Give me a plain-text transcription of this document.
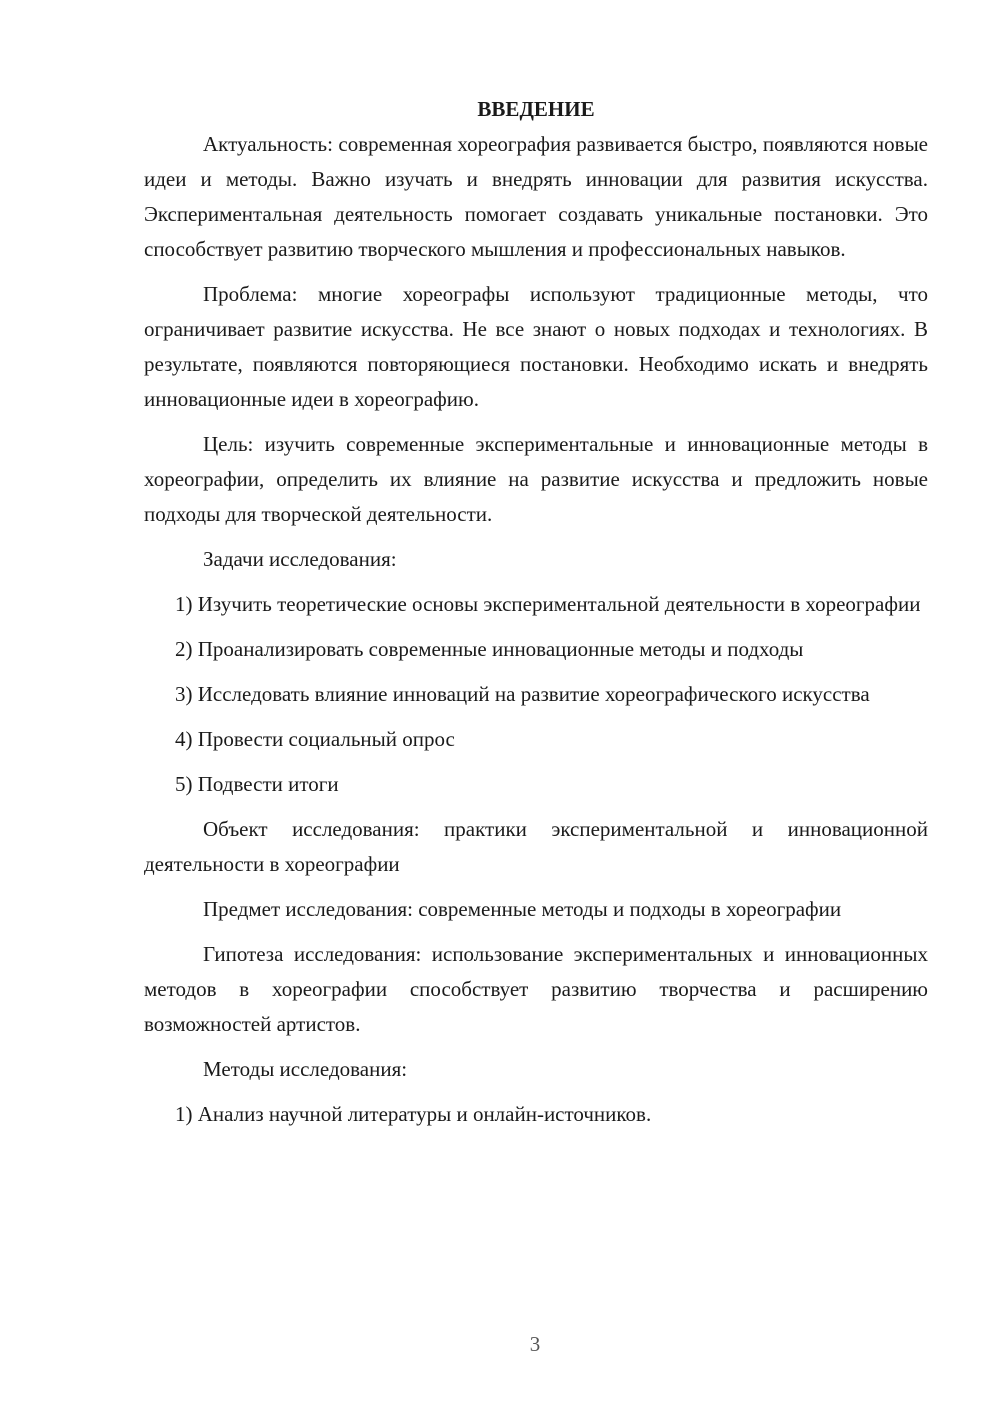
ВВЕДЕНИЕ

Актуальность: современная хореография развивается быстро, появляются новые идеи и методы. Важно изучать и внедрять инновации для развития искусства. Экспериментальная деятельность помогает создавать уникальные постановки. Это способствует развитию творческого мышления и профессиональных навыков.

Проблема: многие хореографы используют традиционные методы, что ограничивает развитие искусства. Не все знают о новых подходах и технологиях. В результате, появляются повторяющиеся постановки. Необходимо искать и внедрять инновационные идеи в хореографию.

Цель: изучить современные экспериментальные и инновационные методы в хореографии, определить их влияние на развитие искусства и предложить новые подходы для творческой деятельности.

Задачи исследования:

1) Изучить теоретические основы экспериментальной деятельности в хореографии

2) Проанализировать современные инновационные методы и подходы

3) Исследовать влияние инноваций на развитие хореографического искусства

4) Провести социальный опрос

5) Подвести итоги

Объект исследования: практики экспериментальной и инновационной деятельности в хореографии

Предмет исследования: современные методы и подходы в хореографии

Гипотеза исследования: использование экспериментальных и инновационных методов в хореографии способствует развитию творчества и расширению возможностей артистов.

Методы исследования:

1) Анализ научной литературы и онлайн-источников.

3
